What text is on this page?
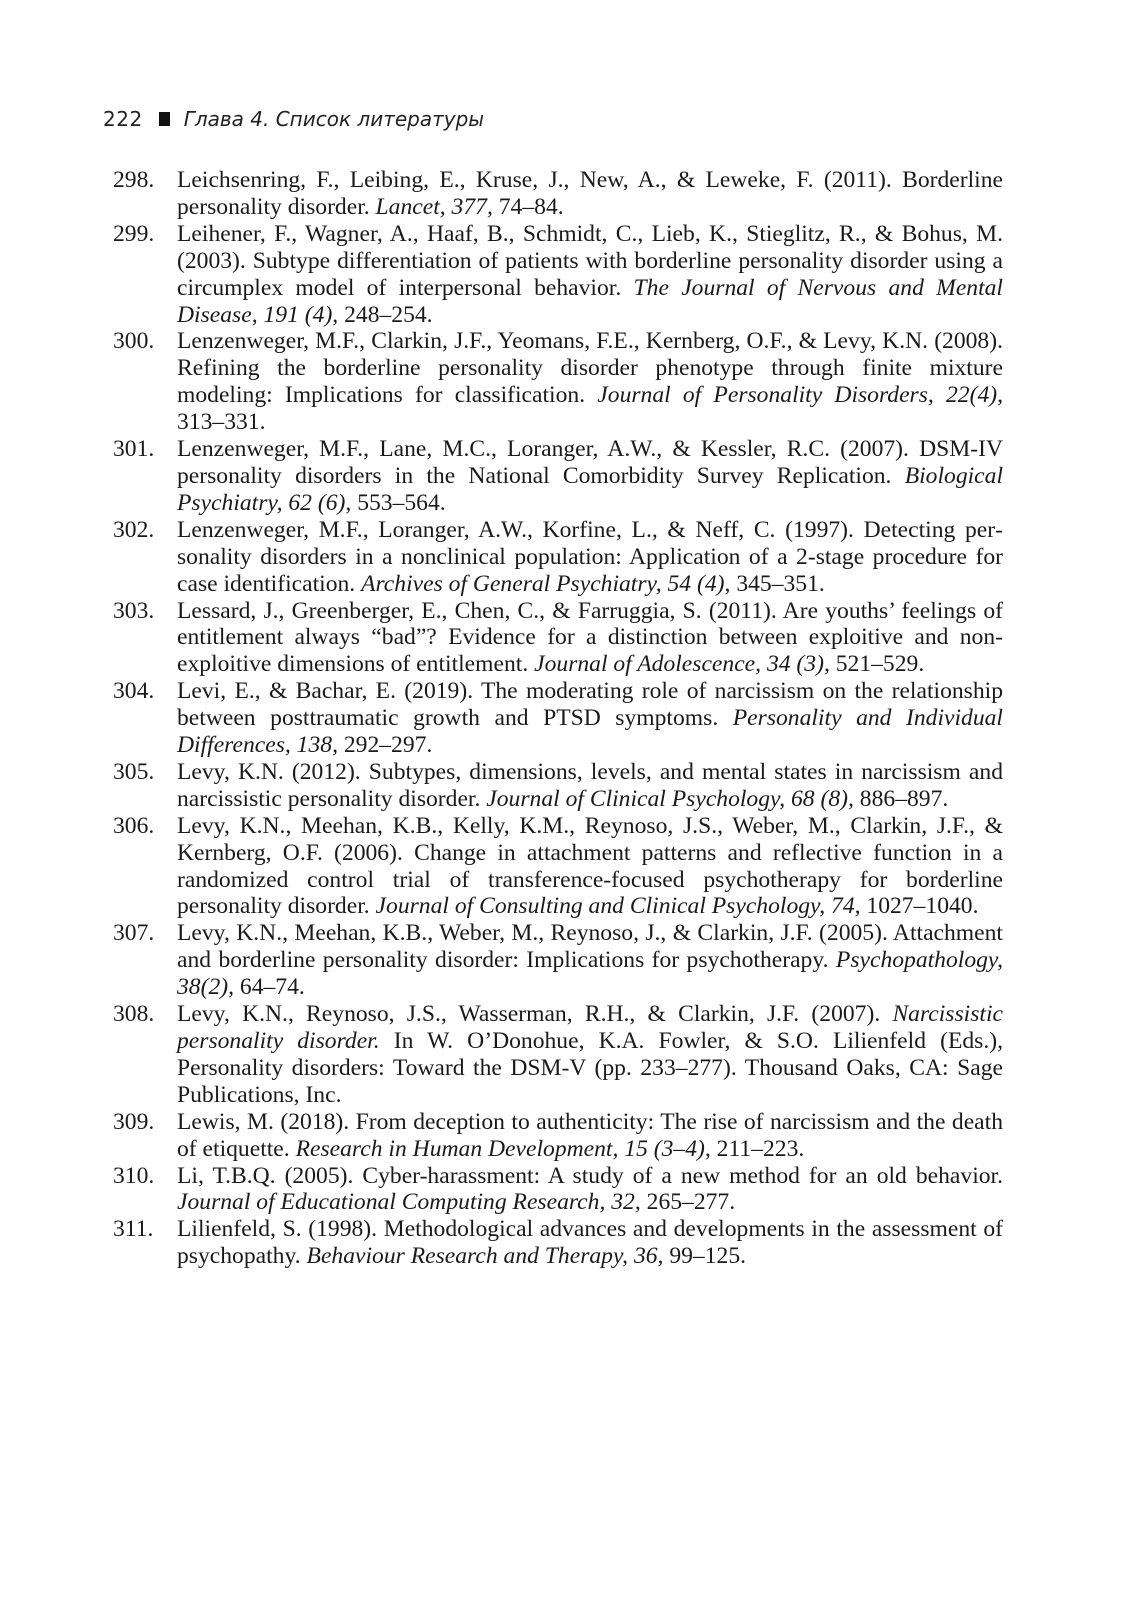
222 Глава 4. Список литературы
298. Leichsenring, F., Leibing, E., Kruse, J., New, A., & Leweke, F. (2011). Borderline personality disorder. Lancet, 377, 74–84.
299. Leihener, F., Wagner, A., Haaf, B., Schmidt, C., Lieb, K., Stieglitz, R., & Bohus, M. (2003). Subtype differentiation of patients with borderline personality disorder using a circumplex model of interpersonal behavior. The Journal of Nervous and Mental Disease, 191 (4), 248–254.
300. Lenzenweger, M.F., Clarkin, J.F., Yeomans, F.E., Kernberg, O.F., & Levy, K.N. (2008). Refining the borderline personality disorder phenotype through finite mixture modeling: Implications for classification. Journal of Personality Disorders, 22(4), 313–331.
301. Lenzenweger, M.F., Lane, M.C., Loranger, A.W., & Kessler, R.C. (2007). DSM-IV personality disorders in the National Comorbidity Survey Replication. Biological Psychiatry, 62 (6), 553–564.
302. Lenzenweger, M.F., Loranger, A.W., Korfine, L., & Neff, C. (1997). Detecting personality disorders in a nonclinical population: Application of a 2-stage procedure for case identification. Archives of General Psychiatry, 54 (4), 345–351.
303. Lessard, J., Greenberger, E., Chen, C., & Farruggia, S. (2011). Are youths’ feelings of entitlement always “bad”? Evidence for a distinction between exploitive and non-exploitive dimensions of entitlement. Journal of Adolescence, 34 (3), 521–529.
304. Levi, E., & Bachar, E. (2019). The moderating role of narcissism on the relationship between posttraumatic growth and PTSD symptoms. Personality and Individual Differences, 138, 292–297.
305. Levy, K.N. (2012). Subtypes, dimensions, levels, and mental states in narcissism and narcissistic personality disorder. Journal of Clinical Psychology, 68 (8), 886–897.
306. Levy, K.N., Meehan, K.B., Kelly, K.M., Reynoso, J.S., Weber, M., Clarkin, J.F., & Kernberg, O.F. (2006). Change in attachment patterns and reflective function in a randomized control trial of transference-focused psychotherapy for borderline personality disorder. Journal of Consulting and Clinical Psychology, 74, 1027–1040.
307. Levy, K.N., Meehan, K.B., Weber, M., Reynoso, J., & Clarkin, J.F. (2005). Attachment and borderline personality disorder: Implications for psychotherapy. Psychopathology, 38(2), 64–74.
308. Levy, K.N., Reynoso, J.S., Wasserman, R.H., & Clarkin, J.F. (2007). Narcissistic personality disorder. In W. O’Donohue, K.A. Fowler, & S.O. Lilienfeld (Eds.), Personality disorders: Toward the DSM-V (pp. 233–277). Thousand Oaks, CA: Sage Publications, Inc.
309. Lewis, M. (2018). From deception to authenticity: The rise of narcissism and the death of etiquette. Research in Human Development, 15 (3–4), 211–223.
310. Li, T.B.Q. (2005). Cyber-harassment: A study of a new method for an old behavior. Journal of Educational Computing Research, 32, 265–277.
311. Lilienfeld, S. (1998). Methodological advances and developments in the assessment of psychopathy. Behaviour Research and Therapy, 36, 99–125.
